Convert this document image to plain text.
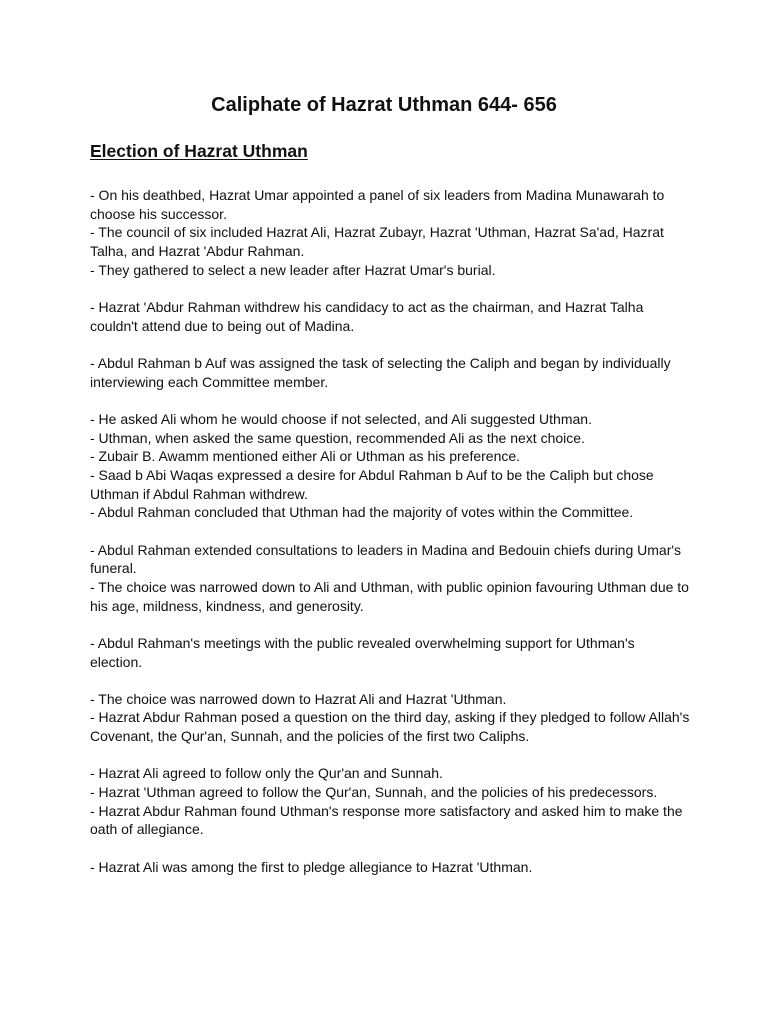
Caliphate of Hazrat Uthman 644- 656
Election of Hazrat Uthman

- On his deathbed, Hazrat Umar appointed a panel of six leaders from Madina Munawarah to choose his successor.

- The council of six included Hazrat Ali, Hazrat Zubayr, Hazrat 'Uthman, Hazrat Sa'ad, Hazrat Talha, and Hazrat 'Abdur Rahman.

- They gathered to select a new leader after Hazrat Umar's burial.

- Hazrat 'Abdur Rahman withdrew his candidacy to act as the chairman, and Hazrat Talha couldn't attend due to being out of Madina.

- Abdul Rahman b Auf was assigned the task of selecting the Caliph and began by individually interviewing each Committee member.

- He asked Ali whom he would choose if not selected, and Ali suggested Uthman.

- Uthman, when asked the same question, recommended Ali as the next choice.

- Zubair B. Awamm mentioned either Ali or Uthman as his preference.

- Saad b Abi Waqas expressed a desire for Abdul Rahman b Auf to be the Caliph but chose Uthman if Abdul Rahman withdrew.

- Abdul Rahman concluded that Uthman had the majority of votes within the Committee.

- Abdul Rahman extended consultations to leaders in Madina and Bedouin chiefs during Umar's funeral.

- The choice was narrowed down to Ali and Uthman, with public opinion favouring Uthman due to his age, mildness, kindness, and generosity.

- Abdul Rahman's meetings with the public revealed overwhelming support for Uthman's election.

- The choice was narrowed down to Hazrat Ali and Hazrat 'Uthman.

- Hazrat Abdur Rahman posed a question on the third day, asking if they pledged to follow Allah's Covenant, the Qur'an, Sunnah, and the policies of the first two Caliphs.

- Hazrat Ali agreed to follow only the Qur'an and Sunnah.

- Hazrat 'Uthman agreed to follow the Qur'an, Sunnah, and the policies of his predecessors.

- Hazrat Abdur Rahman found Uthman's response more satisfactory and asked him to make the oath of allegiance.

- Hazrat Ali was among the first to pledge allegiance to Hazrat 'Uthman.
